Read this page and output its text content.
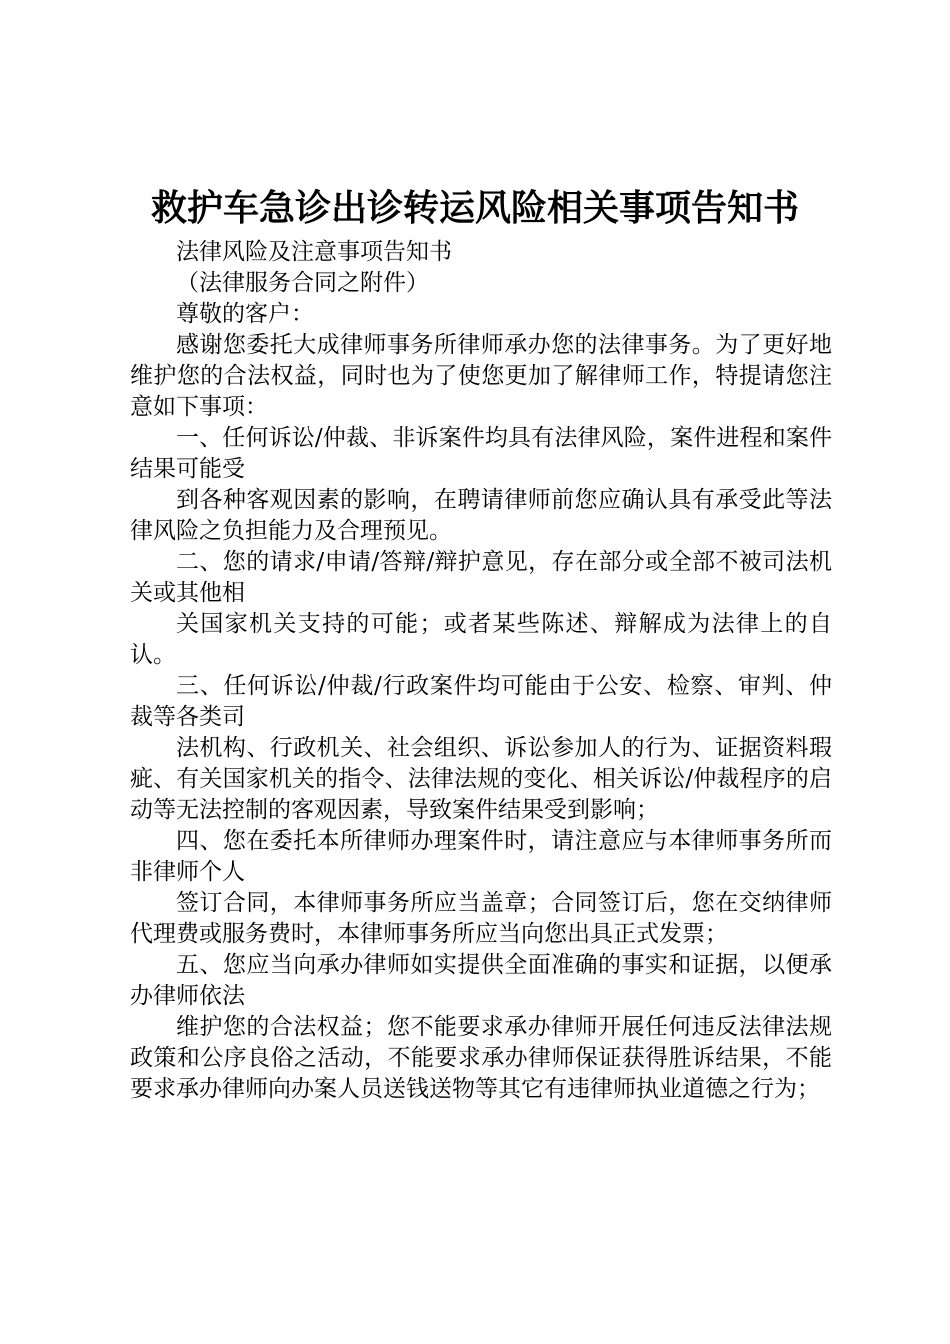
救护车急诊出诊转运风险相关事项告知书

法律风险及注意事项告知书

（法律服务合同之附件）

尊敬的客户：

感谢您委托大成律师事务所律师承办您的法律事务。为了更好地维护您的合法权益，同时也为了使您更加了解律师工作，特提请您注意如下事项：

一、任何诉讼/仲裁、非诉案件均具有法律风险，案件进程和案件结果可能受

到各种客观因素的影响，在聘请律师前您应确认具有承受此等法律风险之负担能力及合理预见。

二、您的请求/申请/答辩/辩护意见，存在部分或全部不被司法机关或其他相

关国家机关支持的可能；或者某些陈述、辩解成为法律上的自认。

三、任何诉讼/仲裁/行政案件均可能由于公安、检察、审判、仲裁等各类司

法机构、行政机关、社会组织、诉讼参加人的行为、证据资料瑕疵、有关国家机关的指令、法律法规的变化、相关诉讼/仲裁程序的启动等无法控制的客观因素，导致案件结果受到影响；

四、您在委托本所律师办理案件时，请注意应与本律师事务所而非律师个人

签订合同，本律师事务所应当盖章；合同签订后，您在交纳律师代理费或服务费时，本律师事务所应当向您出具正式发票；

五、您应当向承办律师如实提供全面准确的事实和证据，以便承办律师依法

维护您的合法权益；您不能要求承办律师开展任何违反法律法规政策和公序良俗之活动，不能要求承办律师保证获得胜诉结果，不能要求承办律师向办案人员送钱送物等其它有违律师执业道德之行为；
